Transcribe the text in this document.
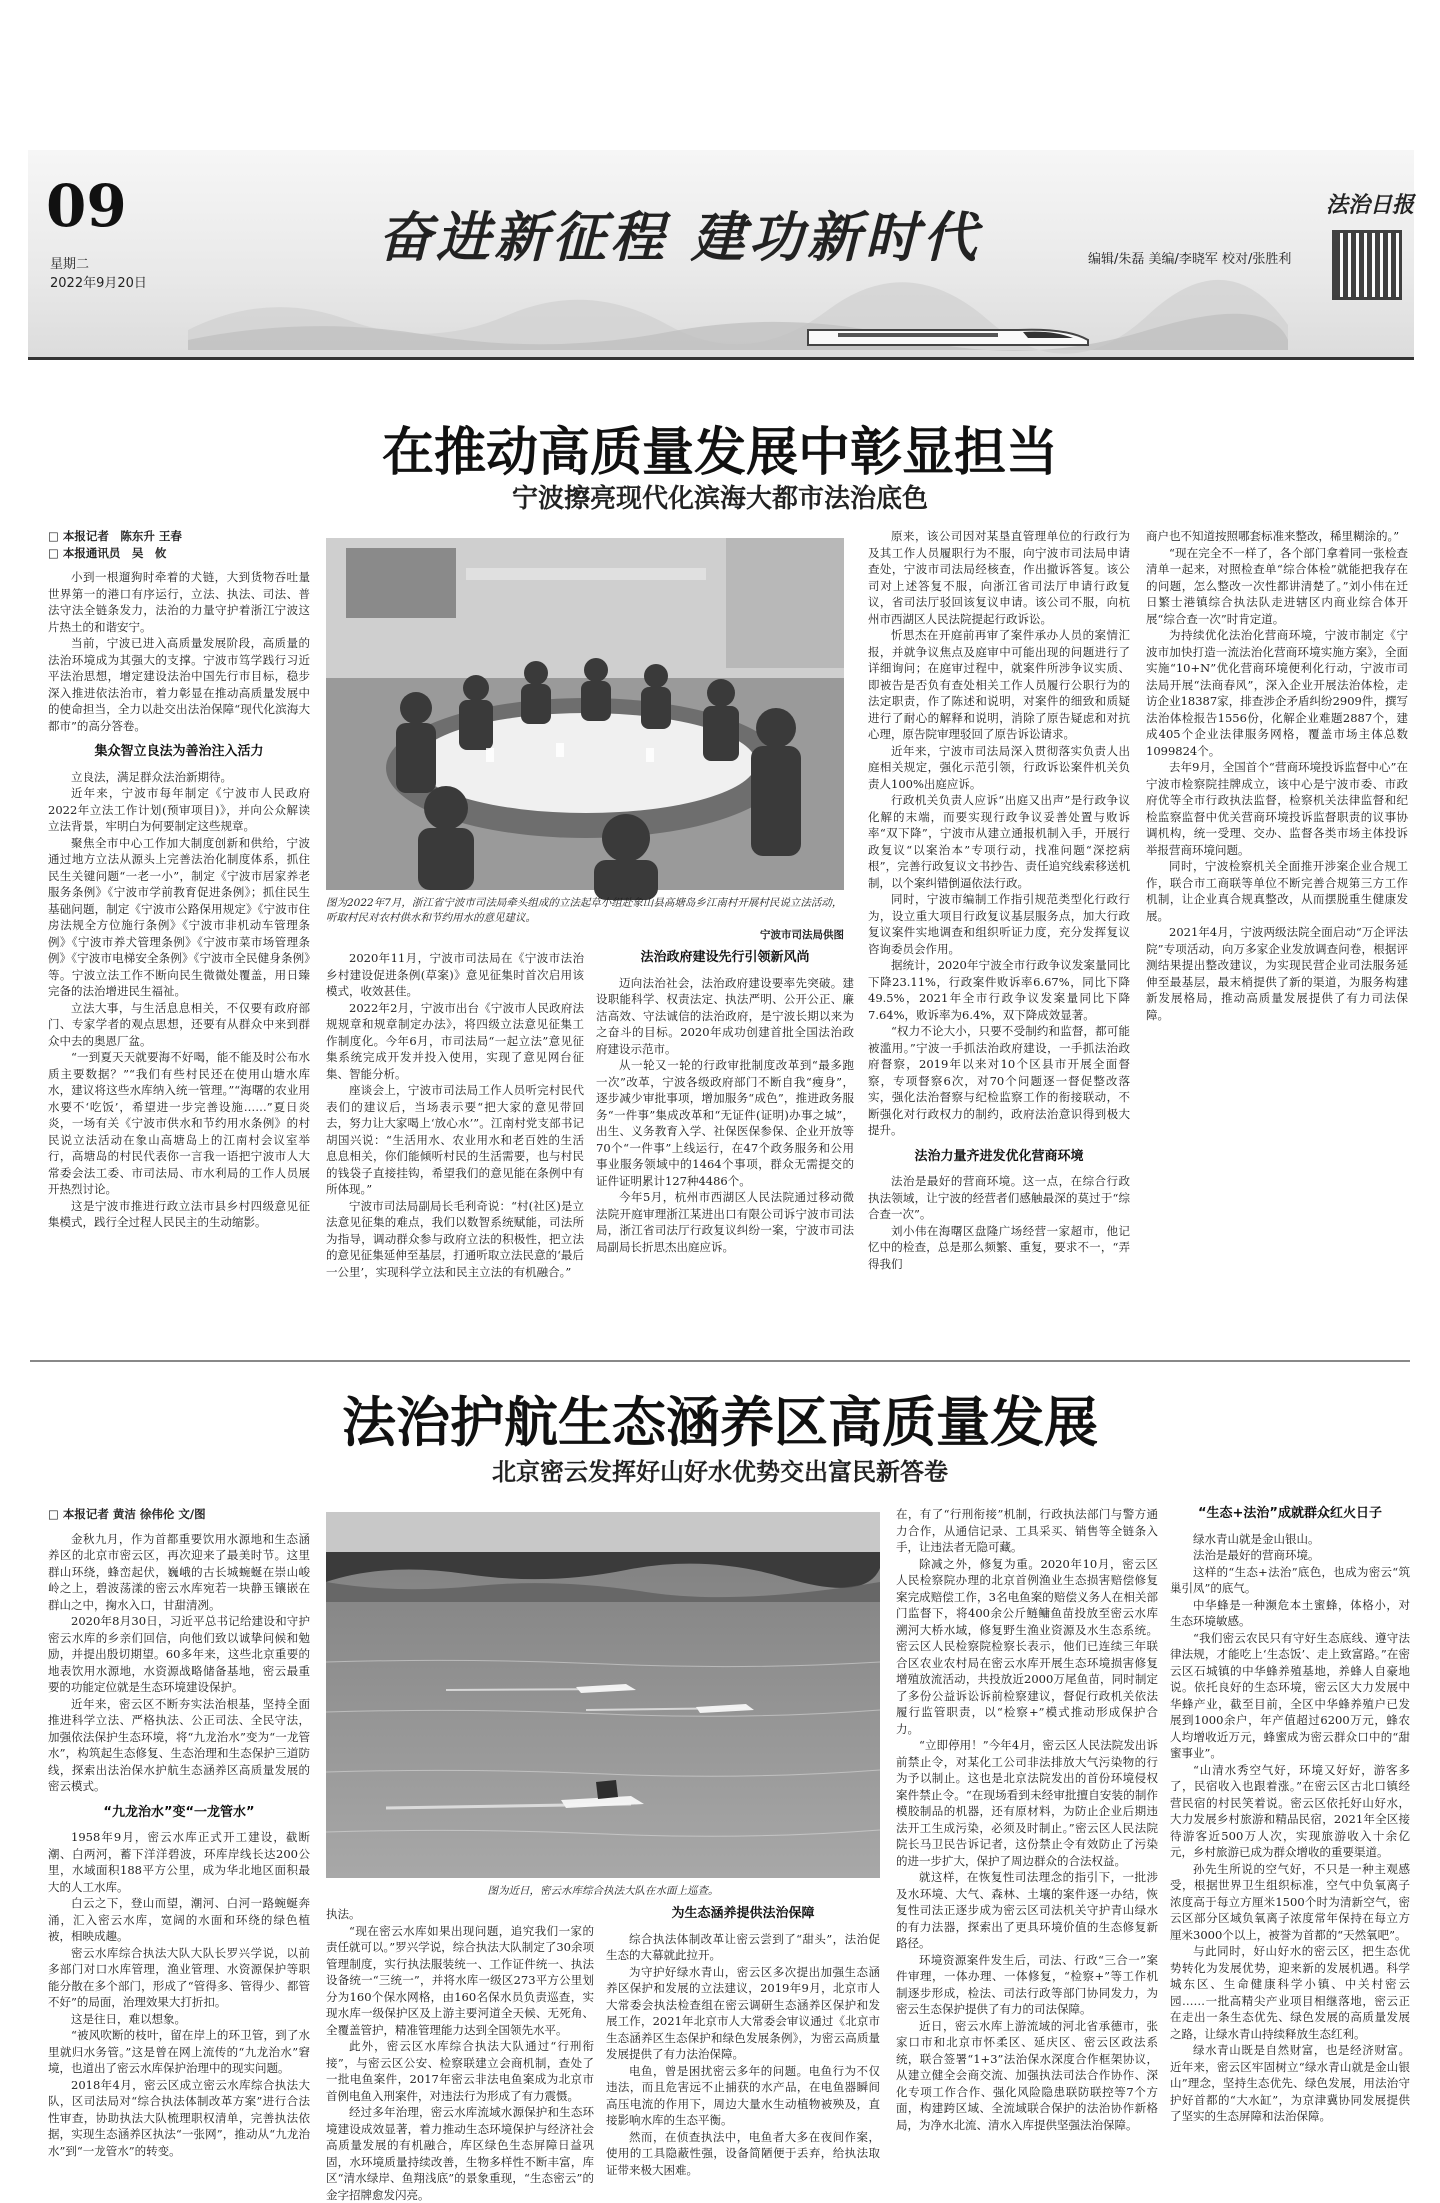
09
星期二
2022年9月20日
奋进新征程 建功新时代	编辑/朱磊 美编/李晓军 校对/张胜利
法治日报
在推动高质量发展中彰显担当
宁波擦亮现代化滨海大都市法治底色

□ 本报记者　陈东升 王春

□ 本报通讯员　吴　攸

小到一根遛狗时牵着的犬链，大到货物吞吐量世界第一的港口有序运行，立法、执法、司法、普法守法全链条发力，法治的力量守护着浙江宁波这片热土的和谐安宁。

当前，宁波已进入高质量发展阶段，高质量的法治环境成为其强大的支撑。宁波市笃学践行习近平法治思想，增定建设法治中国先行市目标，稳步深入推进依法治市，着力彰显在推动高质量发展中的使命担当，全力以赴交出法治保障“现代化滨海大都市”的高分答卷。

集众智立良法为善治注入活力

立良法，满足群众法治新期待。

近年来，宁波市每年制定《宁波市人民政府2022年立法工作计划(预审项目)》，并向公众解读立法背景，牢明白为何要制定这些规章。

聚焦全市中心工作加大制度创新和供给，宁波通过地方立法从源头上完善法治化制度体系，抓住民生关键问题“一老一小”，制定《宁波市居家养老服务条例》《宁波市学前教育促进条例》；抓住民生基础问题，制定《宁波市公路保用规定》《宁波市住房法规全方位施行条例》《宁波市非机动车管理条例》《宁波市养犬管理条例》《宁波市菜市场管理条例》《宁波市电梯安全条例》《宁波市全民健身条例》等。宁波立法工作不断向民生微微处覆盖，用日臻完备的法治增进民生福祉。

立法大事，与生活息息相关，不仅要有政府部门、专家学者的观点思想，还要有从群众中来到群众中去的奥恩厂盆。

“一到夏天天就要海不好喝，能不能及时公布水质主要数据？”“我们有些村民还在使用山塘水库水，建议将这些水库纳入统一管理。”“海曙的农业用水要不‘吃饭’，希望进一步完善设施……”夏日炎炎，一场有关《宁波市供水和节约用水条例》的村民说立法活动在象山高塘岛上的江南村会议室举行，高塘岛的村民代表你一言我一语把宁波市人大常委会法工委、市司法局、市水利局的工作人员展开热烈讨论。

这是宁波市推进行政立法市县乡村四级意见征集模式，践行全过程人民民主的生动缩影。

图为2022年7月，浙江省宁波市司法局牵头组成的立法起草小组赴象山县高塘岛乡江南村开展村民说立法活动，听取村民对农村供水和节约用水的意见建议。
宁波市司法局供图

2020年11月，宁波市司法局在《宁波市法治乡村建设促进条例(草案)》意见征集时首次启用该模式，收效甚佳。

2022年2月，宁波市出台《宁波市人民政府法规规章和规章制定办法》，将四级立法意见征集工作制度化。今年6月，市司法局“一起立法”意见征集系统完成开发并投入使用，实现了意见网台征集、智能分析。

座谈会上，宁波市司法局工作人员听完村民代表们的建议后，当场表示要“把大家的意见带回去，努力让大家喝上‘放心水’”。江南村党支部书记胡国兴说：“生活用水、农业用水和老百姓的生活息息相关，你们能倾听村民的生活需要，也与村民的钱袋子直接挂钩，希望我们的意见能在条例中有所体现。”

宁波市司法局副局长毛利奇说：“村(社区)是立法意见征集的难点，我们以数智系统赋能，司法所为指导，调动群众参与政府立法的积极性，把立法的意见征集延伸至基层，打通听取立法民意的‘最后一公里’，实现科学立法和民主立法的有机融合。”

法治政府建设先行引领新风尚

迈向法治社会，法治政府建设要率先突破。建设职能科学、权责法定、执法严明、公开公正、廉洁高效、守法诚信的法治政府，是宁波长期以来为之奋斗的目标。2020年成功创建首批全国法治政府建设示范市。

从一轮又一轮的行政审批制度改革到“最多跑一次”改革，宁波各级政府部门不断自我“瘦身”，逐步减少审批事项，增加服务“成色”，推进政务服务“一件事”集成改革和“无证件(证明)办事之城”，出生、义务教育入学、社保医保参保、企业开放等70个“一件事”上线运行，在47个政务服务和公用事业服务领域中的1464个事项，群众无需提交的证件证明累计127种4486个。

今年5月，杭州市西湖区人民法院通过移动微法院开庭审理浙江某进出口有限公司诉宁波市司法局，浙江省司法厅行政复议纠纷一案，宁波市司法局副局长折思杰出庭应诉。

原来，该公司因对某垦直管理单位的行政行为及其工作人员履职行为不服，向宁波市司法局申请查处，宁波市司法局经核查，作出撤诉答复。该公司对上述答复不服，向浙江省司法厅申请行政复议，省司法厅驳回该复议申请。该公司不服，向杭州市西湖区人民法院提起行政诉讼。

忻思杰在开庭前再审了案件承办人员的案情汇报，并就争议焦点及庭审中可能出现的问题进行了详细询问；在庭审过程中，就案件所涉争议实质、即被告是否负有查处相关工作人员履行公职行为的法定职责，作了陈述和说明，对案件的细致和质疑进行了耐心的解释和说明，消除了原告疑虑和对抗心理，原告院审理驳回了原告诉讼请求。

近年来，宁波市司法局深入贯彻落实负责人出庭相关规定，强化示范引领，行政诉讼案件机关负责人100%出庭应诉。

行政机关负责人应诉“出庭又出声”是行政争议化解的末端，而要实现行政争议妥善处置与败诉率“双下降”，宁波市从建立通报机制入手，开展行政复议“以案治本”专项行动，找准问题“深挖病根”，完善行政复议文书抄告、责任追究线索移送机制，以个案纠错倒逼依法行政。

同时，宁波市编制工作指引规范类型化行政行为，设立重大项目行政复议基层服务点，加大行政复议案件实地调查和组织听证力度，充分发挥复议咨询委员会作用。

据统计，2020年宁波全市行政争议发案量同比下降23.11%，行政案件败诉率6.67%，同比下降49.5%，2021年全市行政争议发案量同比下降7.64%，败诉率为6.4%，双下降成效显著。

“权力不论大小，只要不受制约和监督，都可能被滥用。”宁波一手抓法治政府建设，一手抓法治政府督察，2019年以来对10个区县市开展全面督察，专项督察6次，对70个问题逐一督促整改落实，强化法治督察与纪检监察工作的衔接联动，不断强化对行政权力的制约，政府法治意识得到极大提升。

法治力量齐进发优化营商环境

法治是最好的营商环境。这一点，在综合行政执法领域，让宁波的经营者们感触最深的莫过于“综合查一次”。

刘小伟在海曙区盘隆广场经营一家超市，他记忆中的检查，总是那么频繁、重复，要求不一，“弄得我们

商户也不知道按照哪套标准来整改，稀里糊涂的。”

“现在完全不一样了，各个部门拿着同一张检查清单一起来，对照检查单“综合体检”就能把我存在的问题，怎么整改一次性都讲清楚了。”刘小伟在迁日繁士港镇综合执法队走进辖区内商业综合体开展“综合查一次”时肯定道。

为持续优化法治化营商环境，宁波市制定《宁波市加快打造一流法治化营商环境实施方案》，全面实施“10+N”优化营商环境便利化行动，宁波市司法局开展“法商春风”，深入企业开展法治体检，走访企业18387家，排查涉企矛盾纠纷2909件，撰写法治体检报告1556份，化解企业难题2887个，建成405个企业法律服务网格，覆盖市场主体总数1099824个。

去年9月，全国首个“营商环境投诉监督中心”在宁波市检察院挂牌成立，该中心是宁波市委、市政府优等全市行政执法监督，检察机关法律监督和纪检监察监督中优关营商环境投诉监督职责的议事协调机构，统一受理、交办、监督各类市场主体投诉举报营商环境问题。

同时，宁波检察机关全面推开涉案企业合规工作，联合市工商联等单位不断完善合规第三方工作机制，让企业真合规真整改，从而摆脱重生健康发展。

2021年4月，宁波两级法院全面启动“万企评法院”专项活动，向万多家企业发放调查问卷，根据评测结果提出整改建议，为实现民营企业司法服务延伸至最基层，最末梢提供了新的渠道，为服务构建新发展格局，推动高质量发展提供了有力司法保障。

法治护航生态涵养区高质量发展
北京密云发挥好山好水优势交出富民新答卷

□ 本报记者 黄洁 徐伟伦 文/图

金秋九月，作为首都重要饮用水源地和生态涵养区的北京市密云区，再次迎来了最美时节。这里群山环绕，蜂峦起伏，巍峨的古长城蜿蜒在崇山峻岭之上，碧波荡漾的密云水库宛若一块静玉镶嵌在群山之中，掬水入口，甘甜清冽。

2020年8月30日，习近平总书记给建设和守护密云水库的乡亲们回信，向他们致以诚挚问候和勉励，并提出殷切期望。60多年来，这些北京重要的地表饮用水源地，水资源战略储备基地，密云最重要的功能定位就是生态环境建设保护。

近年来，密云区不断夯实法治根基，坚持全面推进科学立法、严格执法、公正司法、全民守法，加强依法保护生态环境，将“九龙治水”变为“一龙管水”，构筑起生态修复、生态治理和生态保护三道防线，探索出法治保水护航生态涵养区高质量发展的密云模式。

“九龙治水”变“一龙管水”

1958年9月，密云水库正式开工建设，截断潮、白两河，蓄下洋洋碧波，环库岸线长达200公里，水域面积188平方公里，成为华北地区面积最大的人工水库。

白云之下，登山而望，潮河、白河一路蜿蜒奔涌，汇入密云水库，宽阔的水面和环绕的绿色植被，相映成趣。

密云水库综合执法大队大队长罗兴学说，以前多部门对口水库管理，渔业管理、水资源保护等职能分散在多个部门，形成了“管得多、管得少、都管不好”的局面，治理效果大打折扣。

这是往日，难以想象。

“被风吹断的枝叶，留在岸上的环卫管，到了水里就归水务管。”这是曾在网上流传的“九龙治水”窘境，也道出了密云水库保护治理中的现实问题。

2018年4月，密云区成立密云水库综合执法大队，区司法局对“综合执法体制改革方案”进行合法性审查，协助执法大队梳理职权清单，完善执法依据，实现生态涵养区执法“一张网”，推动从“九龙治水”到“一龙管水”的转变。

图为近日，密云水库综合执法大队在水面上巡查。

执法。

“现在密云水库如果出现问题，追究我们一家的责任就可以。”罗兴学说，综合执法大队制定了30余项管理制度，实行执法服装统一、工作证件统一、执法设备统一“三统一”，并将水库一级区273平方公里划分为160个保水网格，由160名保水员负责巡查，实现水库一级保护区及上游主要河道全天候、无死角、全覆盖管护，精准管理能力达到全国领先水平。

此外，密云区水库综合执法大队通过“行刑衔接”，与密云区公安、检察联建立会商机制，查处了一批电鱼案件，2017年密云非法电鱼案成为北京市首例电鱼入刑案件，对违法行为形成了有力震慑。

经过多年治理，密云水库流域水源保护和生态环境建设成效显著，着力推动生态环境保护与经济社会高质量发展的有机融合，库区绿色生态屏障日益巩固，水环境质量持续改善，生物多样性不断丰富，库区“清水绿岸、鱼翔浅底”的景象重现，“生态密云”的金字招牌愈发闪亮。

为生态涵养提供法治保障

综合执法体制改革让密云尝到了“甜头”，法治促生态的大幕就此拉开。

为守护好绿水青山，密云区多次提出加强生态涵养区保护和发展的立法建议，2019年9月，北京市人大常委会执法检查组在密云调研生态涵养区保护和发展工作，2021年北京市人大常委会审议通过《北京市生态涵养区生态保护和绿色发展条例》，为密云高质量发展提供了有力法治保障。

电鱼，曾是困扰密云多年的问题。电鱼行为不仅违法，而且危害远不止捕获的水产品，在电鱼器瞬间高压电流的作用下，周边大量水生动植物被殃及，直接影响水库的生态平衡。

然而，在侦查执法中，电鱼者大多在夜间作案，使用的工具隐蔽性强，设备简陋便于丢弃，给执法取证带来极大困难。

在，有了“行刑衔接”机制，行政执法部门与警方通力合作，从通信记录、工具采买、销售等全链条入手，让违法者无隐可藏。

除减之外，修复为重。2020年10月，密云区人民检察院办理的北京首例渔业生态损害赔偿修复案完成赔偿工作，3名电鱼案的赔偿义务人在相关部门监督下，将400余公斤鲢鳙鱼苗投放至密云水库溯河大桥水域，修复野生渔业资源及水生态系统。密云区人民检察院检察长表示，他们已连续三年联合区农业农村局在密云水库开展生态环境损害修复增殖放流活动，共投放近2000万尾鱼苗，同时制定了多份公益诉讼诉前检察建议，督促行政机关依法履行监管职责，以“检察+”模式推动形成保护合力。

“立即停用！”今年4月，密云区人民法院发出诉前禁止令，对某化工公司非法排放大气污染物的行为予以制止。这也是北京法院发出的首份环境侵权案件禁止令。“在现场看到未经审批擅自安装的制作模胶制品的机器，还有原材料，为防止企业后期违法开工生成污染，必须及时制止。”密云区人民法院院长马卫民告诉记者，这份禁止令有效防止了污染的进一步扩大，保护了周边群众的合法权益。

就这样，在恢复性司法理念的指引下，一批涉及水环境、大气、森林、土壤的案件逐一办结，恢复性司法正逐步成为密云区司法机关守护青山绿水的有力法器，探索出了更具环境价值的生态修复新路径。

环境资源案件发生后，司法、行政“三合一”案件审理，一体办理、一体修复，“检察+”等工作机制逐步形成，检法、司法行政等部门协同发力，为密云生态保护提供了有力的司法保障。

近日，密云水库上游流域的河北省承德市，张家口市和北京市怀柔区、延庆区、密云区政法系统，联合签署“1+3”法治保水深度合作框架协议，从建立健全会商交流、加强执法司法合作协作、深化专项工作合作、强化风险隐患联防联控等7个方面，构建跨区域、全流域联合保护的法治协作新格局，为净水北流、清水入库提供坚强法治保障。

“生态+法治”成就群众红火日子

绿水青山就是金山银山。

法治是最好的营商环境。

这样的“生态+法治”底色，也成为密云“筑巢引凤”的底气。

中华蜂是一种濒危本土蜜蜂，体格小，对生态环境敏感。

“我们密云农民只有守好生态底线、遵守法律法规，才能吃上‘生态饭’、走上致富路。”在密云区石城镇的中华蜂养殖基地，养蜂人自豪地说。依托良好的生态环境，密云区大力发展中华蜂产业，截至目前，全区中华蜂养殖户已发展到1000余户，年产值超过6200万元，蜂农人均增收近万元，蜂蜜成为密云群众口中的“甜蜜事业”。

“山清水秀空气好，环境又好好，游客多了，民宿收入也跟着涨。”在密云区古北口镇经营民宿的村民笑着说。密云区依托好山好水，大力发展乡村旅游和精品民宿，2021年全区接待游客近500万人次，实现旅游收入十余亿元，乡村旅游已成为群众增收的重要渠道。

孙先生所说的空气好，不只是一种主观感受，根据世界卫生组织标准，空气中负氧离子浓度高于每立方厘米1500个时为清新空气，密云区部分区域负氧离子浓度常年保持在每立方厘米3000个以上，被誉为首都的“天然氧吧”。

与此同时，好山好水的密云区，把生态优势转化为发展优势，迎来新的发展机遇。科学城东区、生命健康科学小镇、中关村密云园……一批高精尖产业项目相继落地，密云正在走出一条生态优先、绿色发展的高质量发展之路，让绿水青山持续释放生态红利。

绿水青山既是自然财富，也是经济财富。近年来，密云区牢固树立“绿水青山就是金山银山”理念，坚持生态优先、绿色发展，用法治守护好首都的“大水缸”，为京津冀协同发展提供了坚实的生态屏障和法治保障。
